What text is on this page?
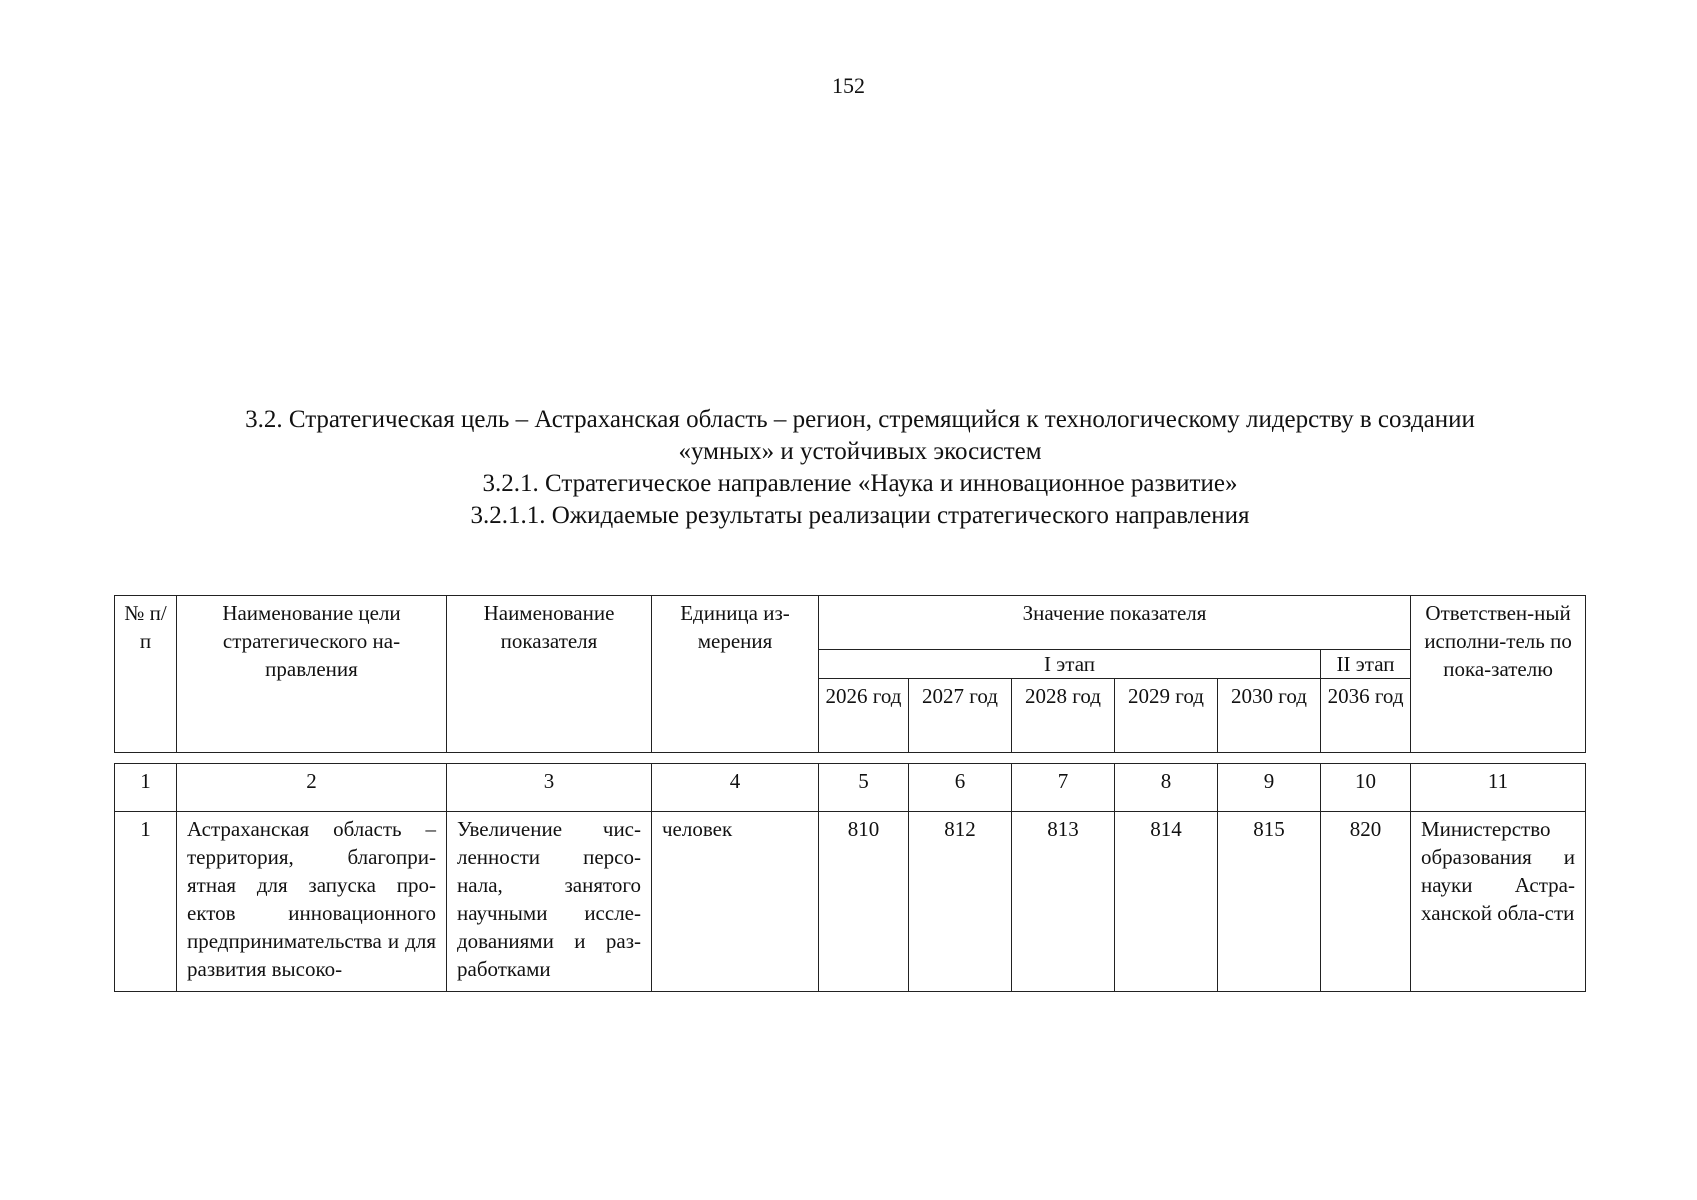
152
3.2. Стратегическая цель – Астраханская область – регион, стремящийся к технологическому лидерству в создании
«умных» и устойчивых экосистем
3.2.1. Стратегическое направление «Наука и инновационное развитие»
3.2.1.1. Ожидаемые результаты реализации стратегического направления
№ п/п	Наименование цели стратегического на-правления	Наименование показателя	Единица из-мерения	Значение показателя						Ответствен-ный исполни-тель по пока-зателю
				I этап					II этап	
				2026 год	2027 год	2028 год	2029 год	2030 год	2036 год	
1	2	3	4	5	6	7	8	9	10	11
1	Астраханская область – территория, благопри-ятная для запуска про-ектов инновационного предпринимательства и для развития высоко-	Увеличение чис-ленности персо-нала, занятого научными иссле-дованиями и раз-работками	человек	810	812	813	814	815	820	Министерство образования и науки Астра-ханской обла-сти
